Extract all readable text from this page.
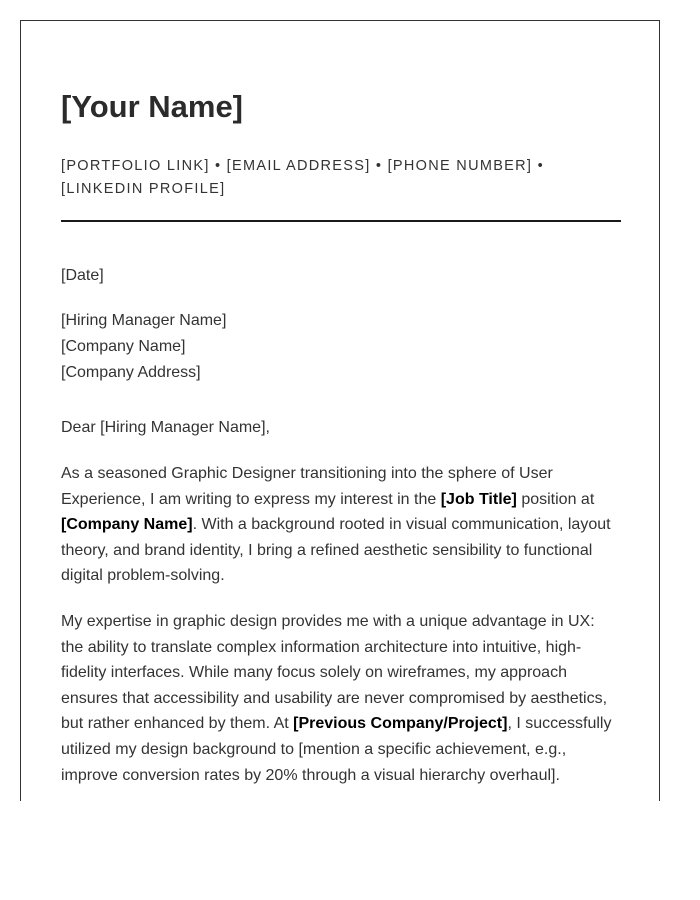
[Your Name]
[PORTFOLIO LINK] • [EMAIL ADDRESS] • [PHONE NUMBER] • [LINKEDIN PROFILE]

[Date]

[Hiring Manager Name]
[Company Name]
[Company Address]

Dear [Hiring Manager Name],

As a seasoned Graphic Designer transitioning into the sphere of User Experience, I am writing to express my interest in the [Job Title] position at [Company Name]. With a background rooted in visual communication, layout theory, and brand identity, I bring a refined aesthetic sensibility to functional digital problem-solving.

My expertise in graphic design provides me with a unique advantage in UX: the ability to translate complex information architecture into intuitive, high-fidelity interfaces. While many focus solely on wireframes, my approach ensures that accessibility and usability are never compromised by aesthetics, but rather enhanced by them. At [Previous Company/Project], I successfully utilized my design background to [mention a specific achievement, e.g., improve conversion rates by 20% through a visual hierarchy overhaul].
